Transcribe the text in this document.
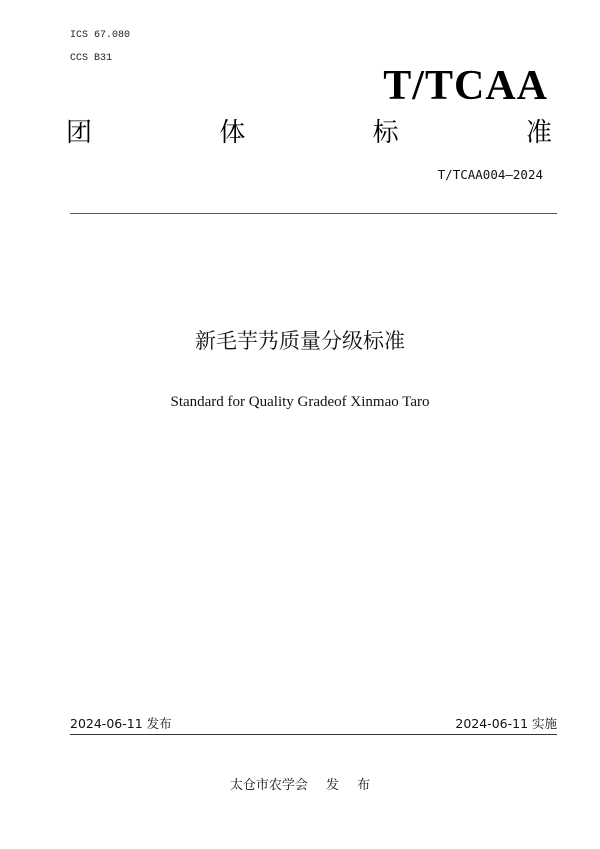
ICS 67.080
CCS B31
T/TCAA
团	体	标	准
T/TCAA004—2024
新毛芋艿质量分级标准
Standard for Quality Gradeof Xinmao Taro
2024-06-11 发布	2024-06-11 实施
太仓市农学会 发 布
